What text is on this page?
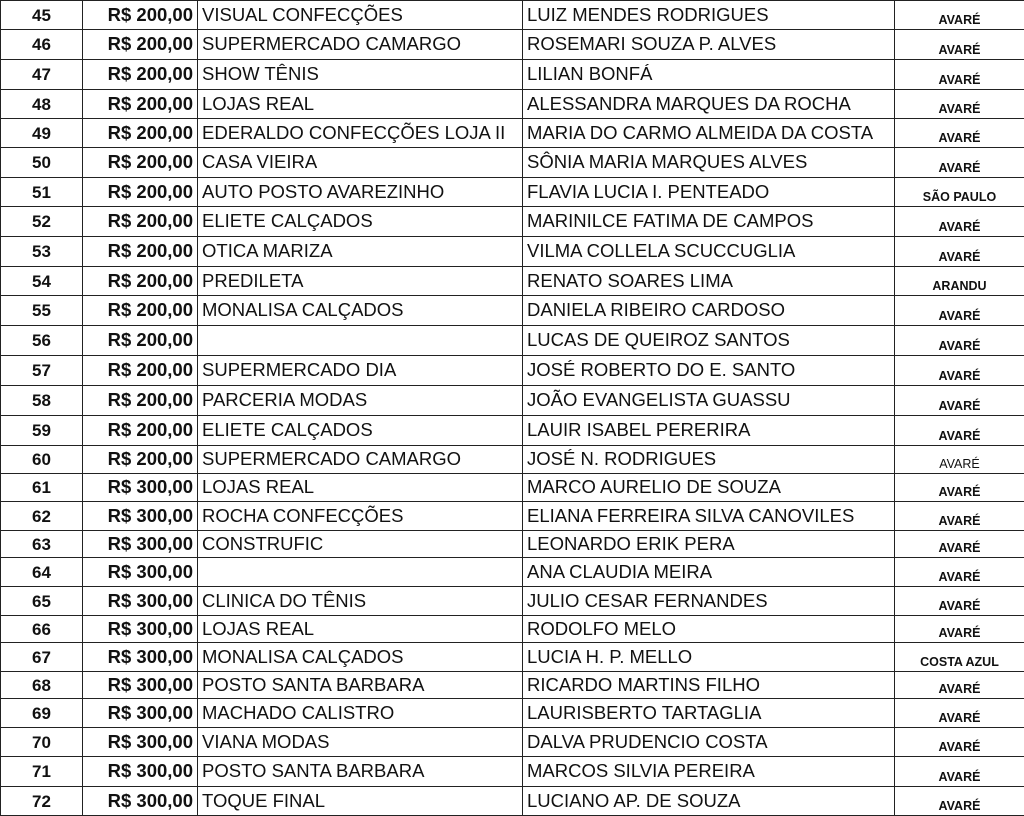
45	R$ 200,00	VISUAL CONFECÇÕES	LUIZ MENDES RODRIGUES	AVARÉ
46	R$ 200,00	SUPERMERCADO CAMARGO	ROSEMARI SOUZA P. ALVES	AVARÉ
47	R$ 200,00	SHOW TÊNIS	LILIAN BONFÁ	AVARÉ
48	R$ 200,00	LOJAS REAL	ALESSANDRA MARQUES DA ROCHA	AVARÉ
49	R$ 200,00	EDERALDO CONFECÇÕES LOJA II	MARIA DO CARMO ALMEIDA DA COSTA	AVARÉ
50	R$ 200,00	CASA VIEIRA	SÔNIA MARIA MARQUES ALVES	AVARÉ
51	R$ 200,00	AUTO POSTO AVAREZINHO	FLAVIA LUCIA I. PENTEADO	SÃO PAULO
52	R$ 200,00	ELIETE CALÇADOS	MARINILCE FATIMA DE CAMPOS	AVARÉ
53	R$ 200,00	OTICA MARIZA	VILMA COLLELA SCUCCUGLIA	AVARÉ
54	R$ 200,00	PREDILETA	RENATO SOARES LIMA	ARANDU
55	R$ 200,00	MONALISA CALÇADOS	DANIELA RIBEIRO CARDOSO	AVARÉ
56	R$ 200,00		LUCAS DE QUEIROZ SANTOS	AVARÉ
57	R$ 200,00	SUPERMERCADO DIA	JOSÉ ROBERTO DO E. SANTO	AVARÉ
58	R$ 200,00	PARCERIA MODAS	JOÃO EVANGELISTA GUASSU	AVARÉ
59	R$ 200,00	ELIETE CALÇADOS	LAUIR ISABEL PERERIRA	AVARÉ
60	R$ 200,00	SUPERMERCADO CAMARGO	JOSÉ N. RODRIGUES	AVARÉ
61	R$ 300,00	LOJAS REAL	MARCO AURELIO DE SOUZA	AVARÉ
62	R$ 300,00	ROCHA CONFECÇÕES	ELIANA FERREIRA SILVA CANOVILES	AVARÉ
63	R$ 300,00	CONSTRUFIC	LEONARDO ERIK PERA	AVARÉ
64	R$ 300,00		ANA CLAUDIA MEIRA	AVARÉ
65	R$ 300,00	CLINICA DO TÊNIS	JULIO CESAR FERNANDES	AVARÉ
66	R$ 300,00	LOJAS REAL	RODOLFO MELO	AVARÉ
67	R$ 300,00	MONALISA CALÇADOS	LUCIA H. P. MELLO	COSTA AZUL
68	R$ 300,00	POSTO SANTA BARBARA	RICARDO MARTINS FILHO	AVARÉ
69	R$ 300,00	MACHADO CALISTRO	LAURISBERTO TARTAGLIA	AVARÉ
70	R$ 300,00	VIANA MODAS	DALVA PRUDENCIO COSTA	AVARÉ
71	R$ 300,00	POSTO SANTA BARBARA	MARCOS SILVIA PEREIRA	AVARÉ
72	R$ 300,00	TOQUE FINAL	LUCIANO AP. DE SOUZA	AVARÉ
